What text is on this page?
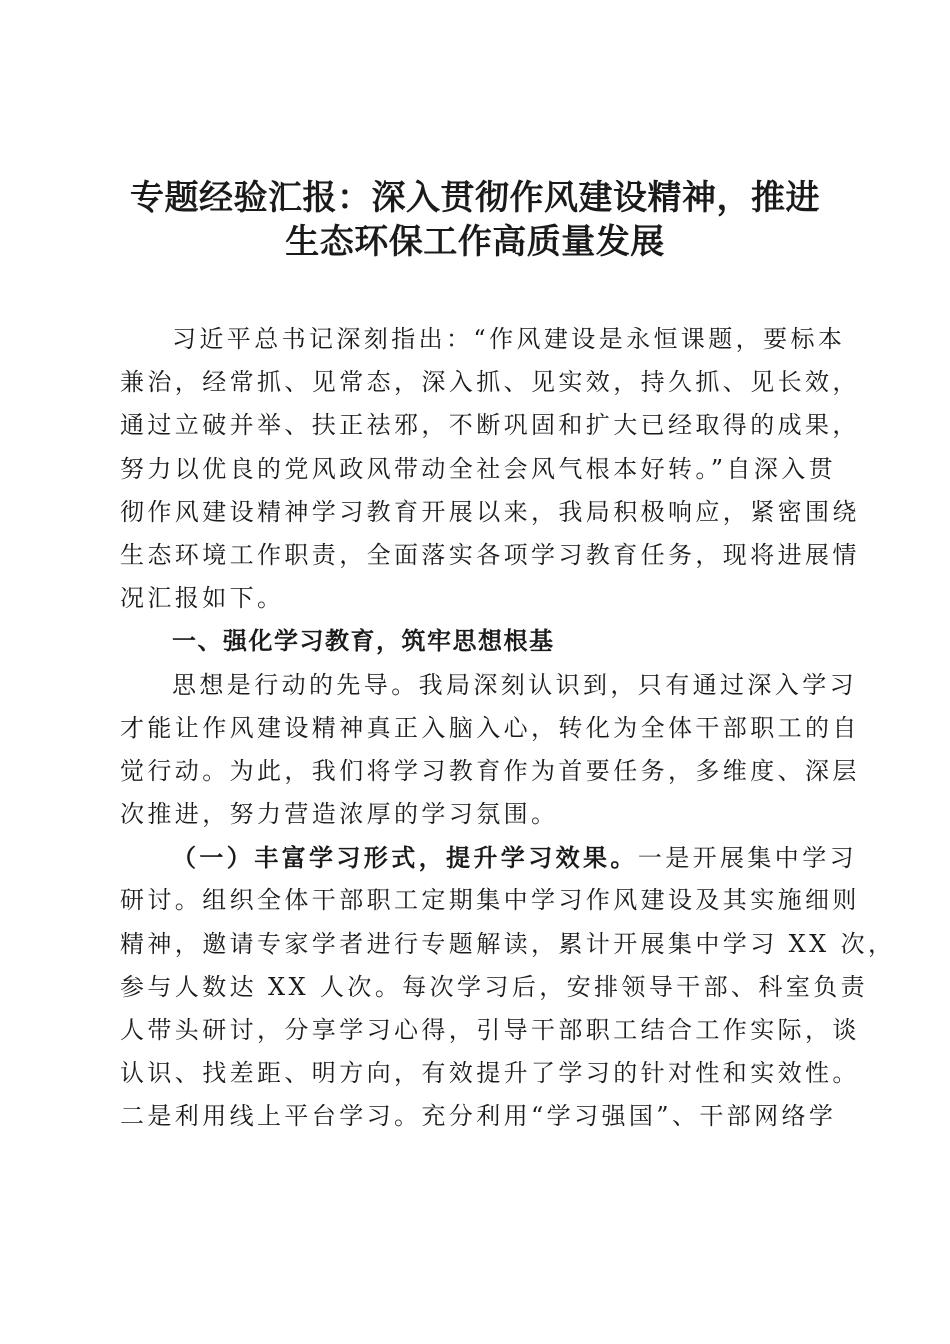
专题经验汇报：深入贯彻作风建设精神，推进
生态环保工作高质量发展
习近平总书记深刻指出：“作风建设是永恒课题，要标本
兼治，经常抓、见常态，深入抓、见实效，持久抓、见长效，
通过立破并举、扶正祛邪，不断巩固和扩大已经取得的成果，
努力以优良的党风政风带动全社会风气根本好转。”自深入贯
彻作风建设精神学习教育开展以来，我局积极响应，紧密围绕
生态环境工作职责，全面落实各项学习教育任务，现将进展情
况汇报如下。
一、强化学习教育，筑牢思想根基
思想是行动的先导。我局深刻认识到，只有通过深入学习
才能让作风建设精神真正入脑入心，转化为全体干部职工的自
觉行动。为此，我们将学习教育作为首要任务，多维度、深层
次推进，努力营造浓厚的学习氛围。
（一）丰富学习形式，提升学习效果。一是开展集中学习
研讨。组织全体干部职工定期集中学习作风建设及其实施细则
精神，邀请专家学者进行专题解读，累计开展集中学习 XX 次，
参与人数达 XX 人次。每次学习后，安排领导干部、科室负责
人带头研讨，分享学习心得，引导干部职工结合工作实际，谈
认识、找差距、明方向，有效提升了学习的针对性和实效性。
二是利用线上平台学习。充分利用“学习强国”、干部网络学
